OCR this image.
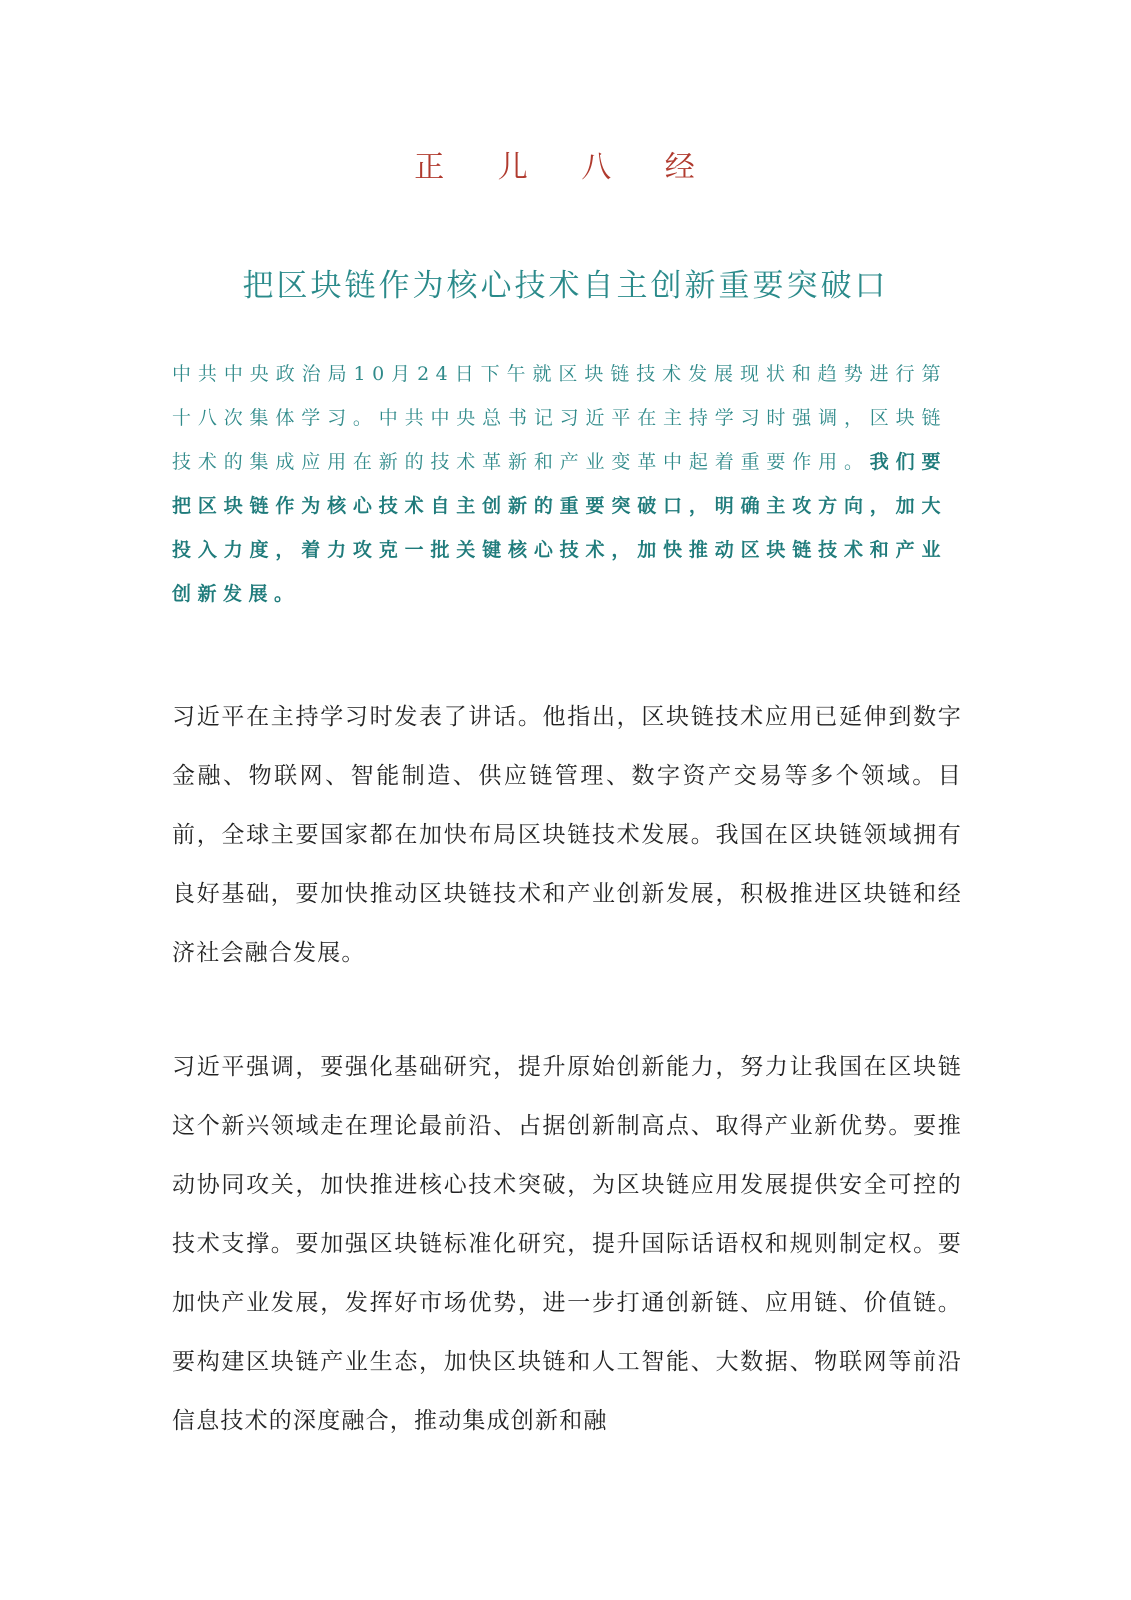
正 儿 八 经
把区块链作为核心技术自主创新重要突破口

中共中央政治局10月24日下午就区块链技术发展现状和趋势进行第十八次集体学习。中共中央总书记习近平在主持学习时强调，区块链技术的集成应用在新的技术革新和产业变革中起着重要作用。我们要把区块链作为核心技术自主创新的重要突破口，明确主攻方向，加大投入力度，着力攻克一批关键核心技术，加快推动区块链技术和产业创新发展。

习近平在主持学习时发表了讲话。他指出，区块链技术应用已延伸到数字金融、物联网、智能制造、供应链管理、数字资产交易等多个领域。目前，全球主要国家都在加快布局区块链技术发展。我国在区块链领域拥有良好基础，要加快推动区块链技术和产业创新发展，积极推进区块链和经济社会融合发展。

习近平强调，要强化基础研究，提升原始创新能力，努力让我国在区块链这个新兴领域走在理论最前沿、占据创新制高点、取得产业新优势。要推动协同攻关，加快推进核心技术突破，为区块链应用发展提供安全可控的技术支撑。要加强区块链标准化研究，提升国际话语权和规则制定权。要加快产业发展，发挥好市场优势，进一步打通创新链、应用链、价值链。要构建区块链产业生态，加快区块链和人工智能、大数据、物联网等前沿信息技术的深度融合，推动集成创新和融
